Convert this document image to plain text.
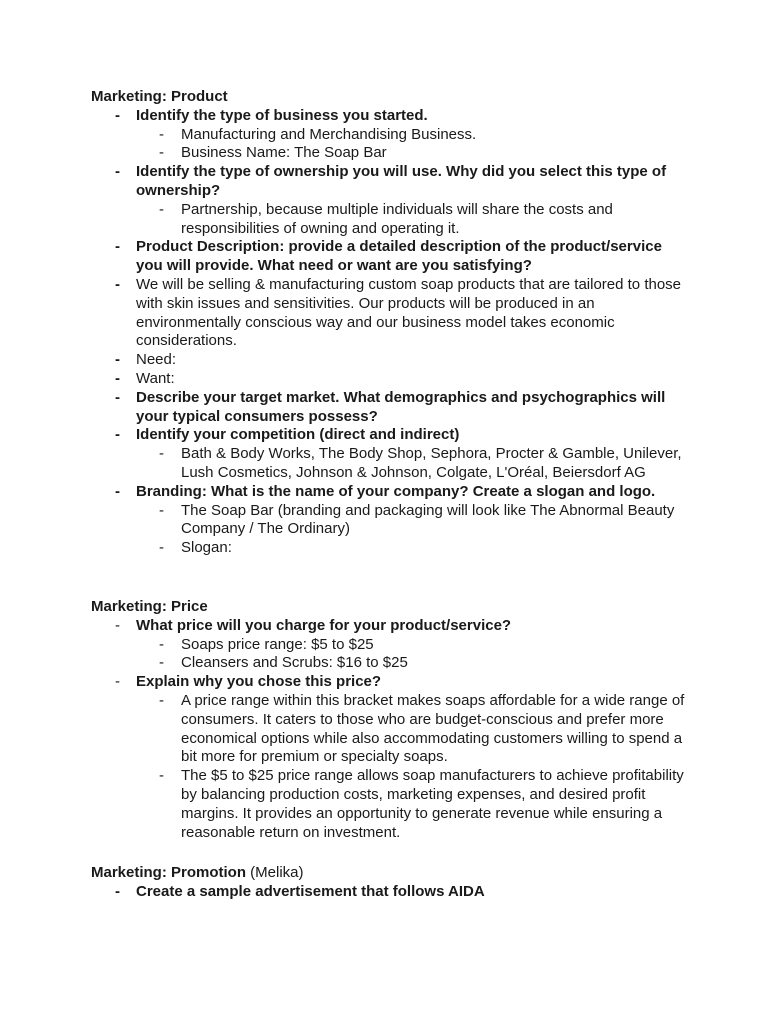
Marketing: Product

- Identify the type of business you started.
- Manufacturing and Merchandising Business.
- Business Name: The Soap Bar
- Identify the type of ownership you will use. Why did you select this type of ownership?
- Partnership, because multiple individuals will share the costs and responsibilities of owning and operating it.
- Product Description: provide a detailed description of the product/service you will provide. What need or want are you satisfying?
- We will be selling & manufacturing custom soap products that are tailored to those with skin issues and sensitivities. Our products will be produced in an environmentally conscious way and our business model takes economic considerations.
- Need:
- Want:
- Describe your target market. What demographics and psychographics will your typical consumers possess?
- Identify your competition (direct and indirect)
- Bath & Body Works, The Body Shop, Sephora, Procter & Gamble, Unilever, Lush Cosmetics, Johnson & Johnson, Colgate, L'Oréal, Beiersdorf AG
- Branding: What is the name of your company? Create a slogan and logo.
- The Soap Bar (branding and packaging will look like The Abnormal Beauty Company / The Ordinary)
- Slogan:

Marketing: Price

- What price will you charge for your product/service?
- Soaps price range: $5 to $25
- Cleansers and Scrubs: $16 to $25
- Explain why you chose this price?
- A price range within this bracket makes soaps affordable for a wide range of consumers. It caters to those who are budget-conscious and prefer more economical options while also accommodating customers willing to spend a bit more for premium or specialty soaps.
- The $5 to $25 price range allows soap manufacturers to achieve profitability by balancing production costs, marketing expenses, and desired profit margins. It provides an opportunity to generate revenue while ensuring a reasonable return on investment.

Marketing: Promotion (Melika)

- Create a sample advertisement that follows AIDA
